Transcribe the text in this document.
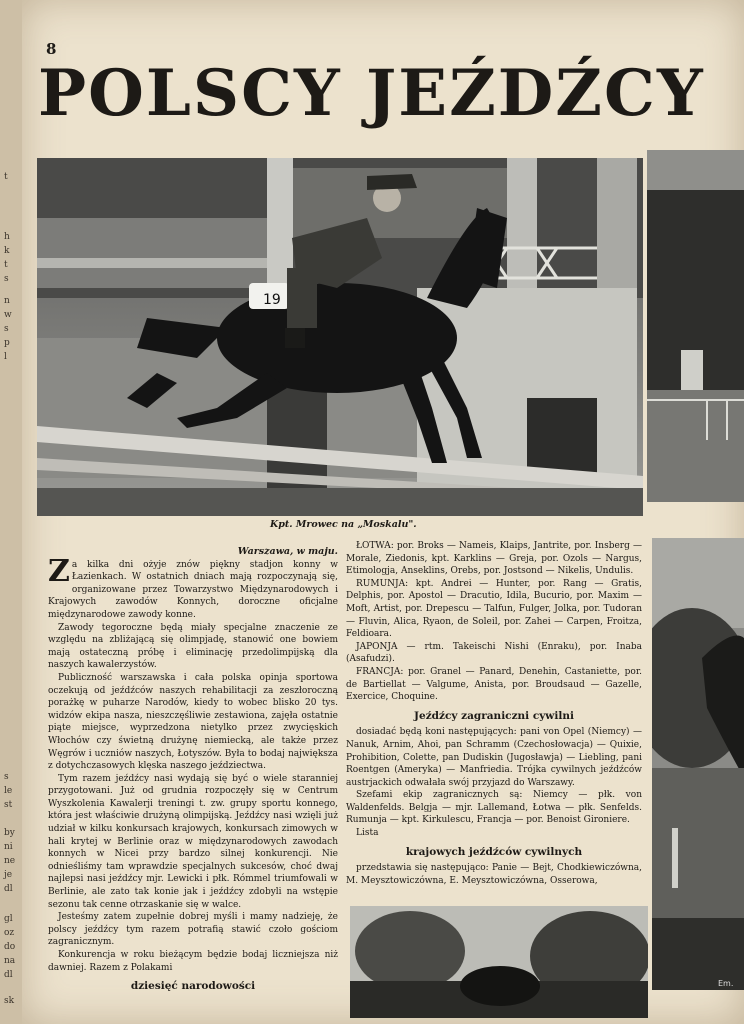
t
h
k
t
s
n
w
s
p
l
s
le
st
by
ni
ne
je
dl
gl
oz
do
na
dl
sk
8
POLSCY JEŹDŹCY
19
Kpt. Mrowec na „Moskalu".
Em.
Warszawa, w maju.

Za kilka dni ożyje znów piękny stadjon konny w Łazienkach. W ostatnich dniach mają rozpoczynają się, organizowane przez Towarzystwo Międzynarodowych i Krajowych zawodów Konnych, doroczne oficjalne międzynarodowe zawody konne.

Zawody tegoroczne będą miały specjalne znaczenie ze względu na zbliżającą się olimpjadę, stanowić one bowiem mają ostateczną próbę i eliminację przedolimpijską dla naszych kawalerzystów.

Publiczność warszawska i cała polska opinja sportowa oczekują od jeźdźców naszych rehabilitacji za zeszłoroczną porażkę w puharze Narodów, kiedy to wobec blisko 20 tys. widzów ekipa nasza, nieszczęśliwie zestawiona, zajęła ostatnie piąte miejsce, wyprzedzona nietylko przez zwycięskich Włochów czy świetną drużynę niemiecką, ale także przez Węgrów i uczniów naszych, Łotyszów. Była to bodaj największa z dotychczasowych klęska naszego jeździectwa.

Tym razem jeźdźcy nasi wydają się być o wiele staranniej przygotowani. Już od grudnia rozpoczęły się w Centrum Wyszkolenia Kawalerji treningi t. zw. grupy sportu konnego, która jest właściwie drużyną olimpijską. Jeźdźcy nasi wzięli już udział w kilku konkursach krajowych, konkursach zimowych w hali krytej w Berlinie oraz w międzynarodowych zawodach konnych w Nicei przy bardzo silnej konkurencji. Nie odnieśliśmy tam wprawdzie specjalnych sukcesów, choć dwaj najlepsi nasi jeźdźcy mjr. Lewicki i płk. Rómmel triumfowali w Berlinie, ale zato tak konie jak i jeźdźcy zdobyli na wstępie sezonu tak cenne otrzaskanie się w walce.

Jesteśmy zatem zupełnie dobrej myśli i mamy nadzieję, że polscy jeźdźcy tym razem potrafią stawić czoło gościom zagranicznym.

Konkurencja w roku bieżącym będzie bodaj liczniejsza niż dawniej. Razem z Polakami

dziesięć narodowości

ŁOTWA: por. Broks — Nameis, Klaips, Jantrite, por. Insberg — Morale, Ziedonis, kpt. Karklins — Greja, por. Ozols — Nargus, Etimologja, Anseklins, Orebs, por. Jostsond — Nikelis, Undulis.

RUMUNJA: kpt. Andrei — Hunter, por. Rang — Gratis, Delphis, por. Apostol — Dracutio, Idila, Bucurio, por. Maxim — Moft, Artist, por. Drepescu — Talfun, Fulger, Jolka, por. Tudoran — Fluvin, Alica, Ryaon, de Soleil, por. Zahei — Carpen, Froitza, Feldioara.

JAPONJA — rtm. Takeischi Nishi (Enraku), por. Inaba (Asafudzi).

FRANCJA: por. Granel — Panard, Denehin, Castaniette, por. de Bartiellat — Valgume, Anista, por. Broudsaud — Gazelle, Exercice, Choquine.

Jeźdźcy zagraniczni cywilni

dosiadać będą koni następujących: pani von Opel (Niemcy) — Nanuk, Arnim, Ahoi, pan Schramm (Czechosłowacja) — Quixie, Prohibition, Colette, pan Dudiskin (Jugosławja) — Liebling, pani Roentgen (Ameryka) — Manfriedia. Trójka cywilnych jeźdźców austrjackich odwałała swój przyjazd do Warszawy.

Szefami ekip zagranicznych są: Niemcy — płk. von Waldenfelds. Belgja — mjr. Lallemand, Łotwa — płk. Senfelds. Rumunja — kpt. Kirkulescu, Francja — por. Benoist Gironiere.

Lista

krajowych jeźdźców cywilnych

przedstawia się następująco: Panie — Bejt, Chodkiewiczówna, M. Meysztowiczówna, E. Meysztowiczówna, Osserowa,
